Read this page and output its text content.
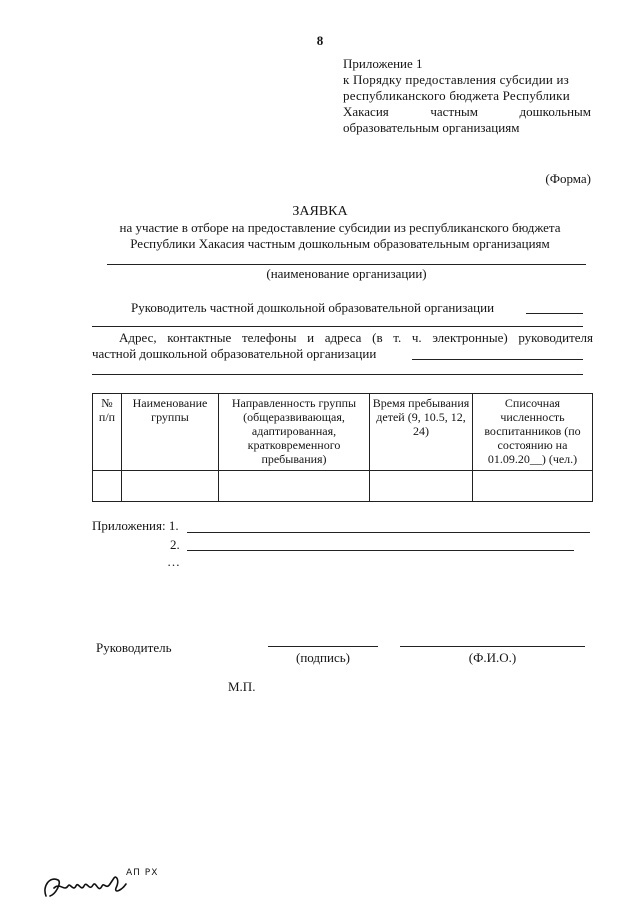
8
Приложение 1
к Порядку предоставления субсидии из
республиканского бюджета Республики
Хакасия	частным	дошкольным
образовательным организациям
(Форма)
ЗАЯВКА
на участие в отборе на предоставление субсидии из республиканского бюджета
Республики Хакасия частным дошкольным образовательным организациям
(наименование организации)
Руководитель частной дошкольной образовательной организации
Адрес, контактные телефоны и адреса (в т. ч. электронные) руководителя
частной дошкольной образовательной организации
№ п/п	Наименование группы	Направленность группы (общеразвивающая, адаптированная, кратковременного пребывания)	Время пребывания детей (9, 10.5, 12, 24)	Списочная численность воспитанников (по состоянию на 01.09.20__) (чел.)

Приложения: 1.
2.
…
Руководитель
(подпись)	(Ф.И.О.)
М.П.
АП РХ
